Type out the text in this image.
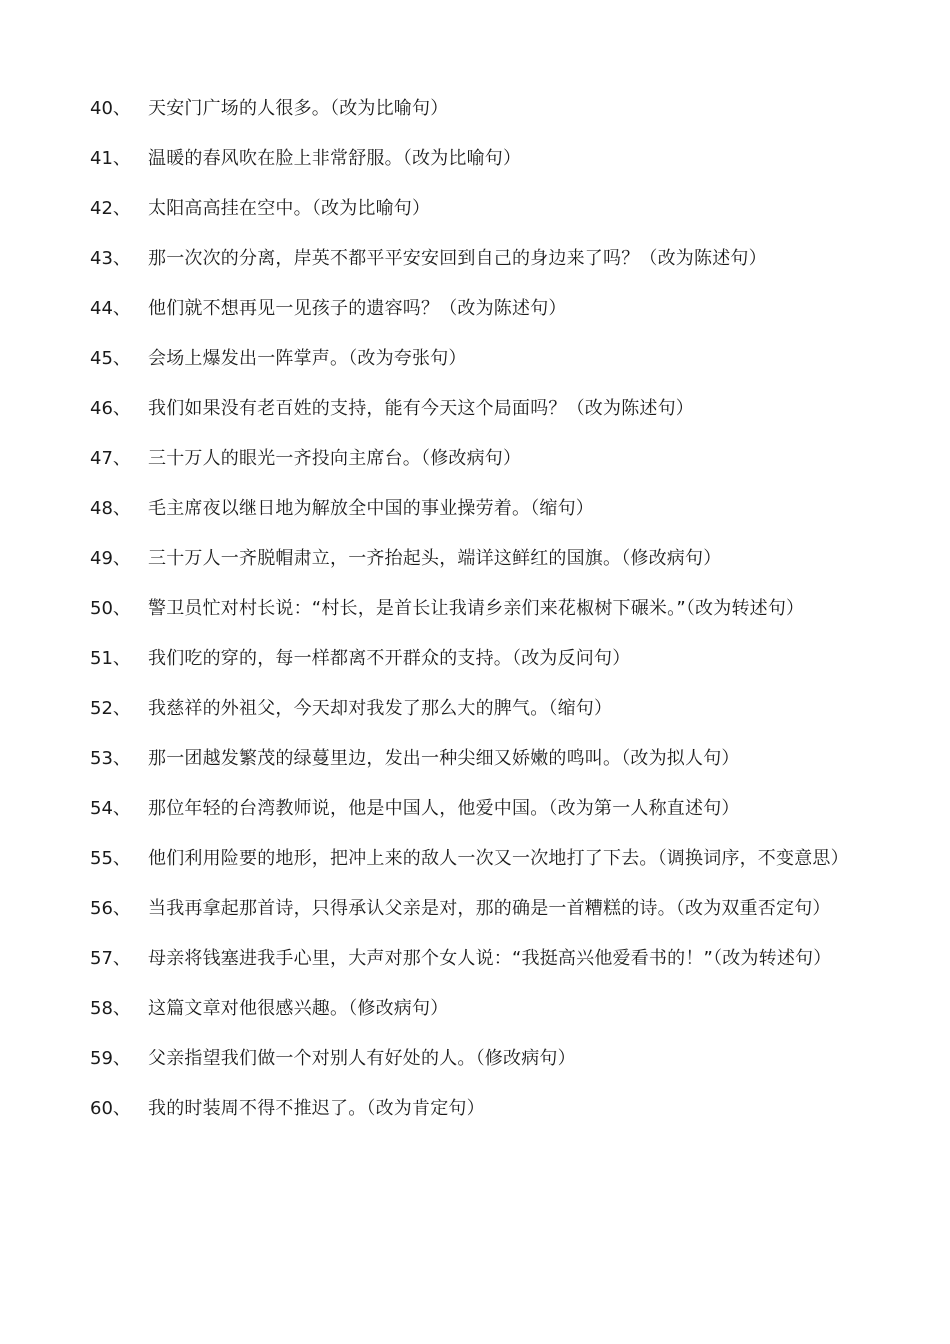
40、 天安门广场的人很多。（改为比喻句）
41、 温暖的春风吹在脸上非常舒服。（改为比喻句）
42、 太阳高高挂在空中。（改为比喻句）
43、 那一次次的分离，岸英不都平平安安回到自己的身边来了吗？（改为陈述句）
44、 他们就不想再见一见孩子的遗容吗？（改为陈述句）
45、 会场上爆发出一阵掌声。（改为夸张句）
46、 我们如果没有老百姓的支持，能有今天这个局面吗？（改为陈述句）
47、 三十万人的眼光一齐投向主席台。（修改病句）
48、 毛主席夜以继日地为解放全中国的事业操劳着。（缩句）
49、 三十万人一齐脱帽肃立，一齐抬起头，端详这鲜红的国旗。（修改病句）
50、 警卫员忙对村长说：“村长，是首长让我请乡亲们来花椒树下碾米。”（改为转述句）
51、 我们吃的穿的，每一样都离不开群众的支持。（改为反问句）
52、 我慈祥的外祖父，今天却对我发了那么大的脾气。（缩句）
53、 那一团越发繁茂的绿蔓里边，发出一种尖细又娇嫩的鸣叫。（改为拟人句）
54、 那位年轻的台湾教师说，他是中国人，他爱中国。（改为第一人称直述句）
55、 他们利用险要的地形，把冲上来的敌人一次又一次地打了下去。（调换词序，不变意思）
56、 当我再拿起那首诗，只得承认父亲是对，那的确是一首糟糕的诗。（改为双重否定句）
57、 母亲将钱塞进我手心里，大声对那个女人说：“我挺高兴他爱看书的！”（改为转述句）
58、 这篇文章对他很感兴趣。（修改病句）
59、 父亲指望我们做一个对别人有好处的人。（修改病句）
60、 我的时装周不得不推迟了。（改为肯定句）
